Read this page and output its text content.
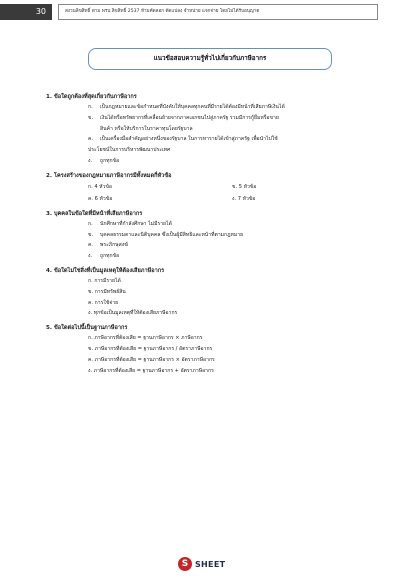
30	สงวนลิขสิทธิ์ ตาม พรบ.ลิขสิทธิ์ 2537 ห้ามคัดลอก ดัดแปลง จำหน่าย แจกจ่าย โดยไม่ได้รับอนุญาต
แนวข้อสอบความรู้ทั่วไปเกี่ยวกับภาษีอากร
1. ข้อใดถูกต้องที่สุดเกี่ยวกับภาษีอากร
ก. เป็นกฎหมายและข้อกำหนดที่บังคับให้บุคคลทุกคนที่มีรายได้ต้องมีหน้าที่เสียภาษีเงินได้
ข. เงินได้หรือทรัพยากรที่เคลื่อนย้ายจากภาคเอกชนไปสู่ภาครัฐ รวมมีการกู้ยืมหรือขาย
สินค้า หรือให้บริการในราคาทุนโดยรัฐบาล
ค. เป็นเครื่องมือสำคัญอย่างหนึ่งของรัฐบาล ในการหารายได้เข้าสู่ภาครัฐ เพื่อนำไปใช้
ประโยชน์ในการบริหารพัฒนาประเทศ
ง. ถูกทุกข้อ
2. โครงสร้างของกฎหมายภาษีอากรมีทั้งหมดกี่หัวข้อ
ก. 4 หัวข้อ	ข. 5 หัวข้อ
ค. 6 หัวข้อ	ง. 7 หัวข้อ
3. บุคคลในข้อใดที่มีหน้าที่เสียภาษีอากร
ก. นักศึกษาที่กำลังศึกษา ไม่มีรายได้
ข. บุคคลธรรมดาและนิติบุคคล ซึ่งเป็นผู้มีสิทธิและหน้าที่ตามกฎหมาย
ค. พระภิกษุสงฆ์
ง. ถูกทุกข้อ
4. ข้อใดไม่ใช่สิ่งที่เป็นมูลเหตุให้ต้องเสียภาษีอากร
ก. การมีรายได้
ข. การมีทรัพย์สิน
ค. การใช้จ่าย
ง. ทุกข้อเป็นมูลเหตุที่ให้ต้องเสียภาษีอากร
5. ข้อใดต่อไปนี้เป็นฐานภาษีอากร
ก. ภาษีอากรที่ต้องเสีย = ฐานภาษีอากร × ภาษีอากร
ข. ภาษีอากรที่ต้องเสีย = ฐานภาษีอากร / อัตราภาษีอากร
ค. ภาษีอากรที่ต้องเสีย = ฐานภาษีอากร × อัตราภาษีอากร
ง. ภาษีอากรที่ต้องเสีย = ฐานภาษีอากร + อัตราภาษีอากร
S SHEET
